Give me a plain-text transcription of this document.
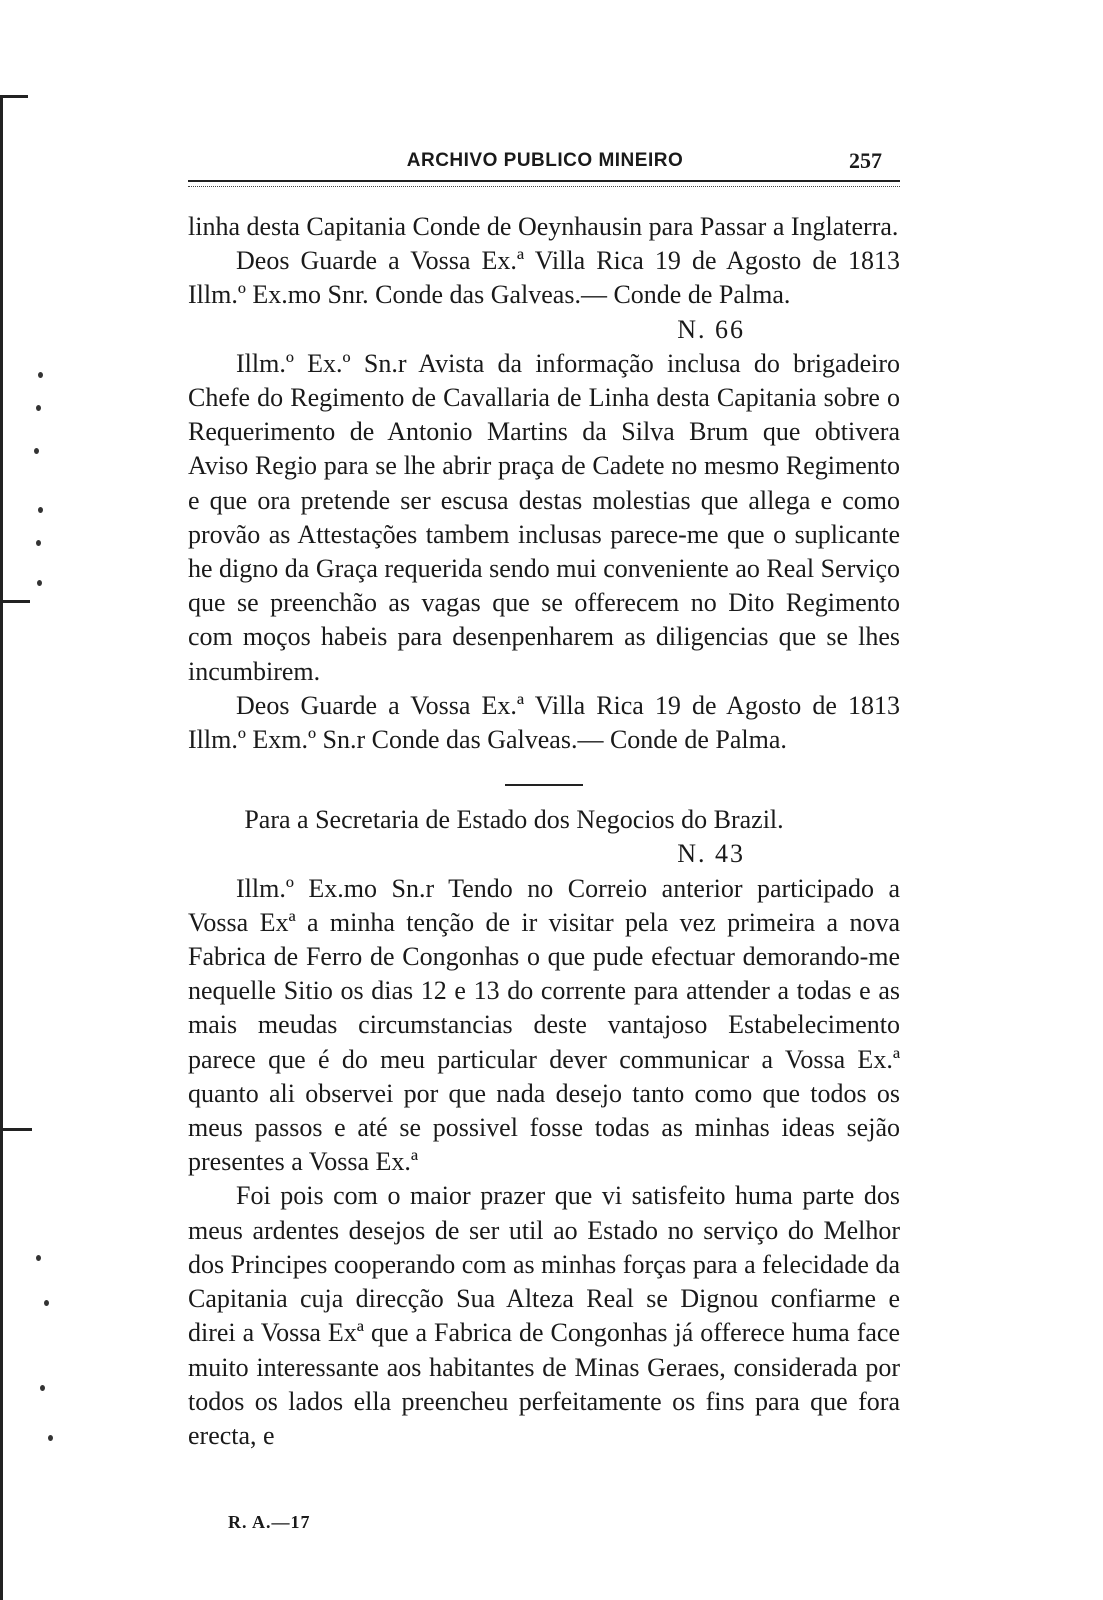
ARCHIVO PUBLICO MINEIRO	257

linha desta Capitania Conde de Oeynhausin para Passar a Inglaterra.

Deos Guarde a Vossa Ex.ª Villa Rica 19 de Agosto de 1813 Illm.º Ex.mo Snr. Conde das Galveas.— Conde de Palma.

N. 66

Illm.º Ex.º Sn.r Avista da informação inclusa do brigadeiro Chefe do Regimento de Cavallaria de Linha desta Capitania sobre o Requerimento de Antonio Martins da Silva Brum que obtivera Aviso Regio para se lhe abrir praça de Cadete no mesmo Regimento e que ora pretende ser escusa destas molestias que allega e como provão as Attestações tambem inclusas parece-me que o suplicante he digno da Graça requerida sendo mui conveniente ao Real Serviço que se preenchão as vagas que se offerecem no Dito Regimento com moços habeis para desenpenharem as diligencias que se lhes incumbirem.

Deos Guarde a Vossa Ex.ª Villa Rica 19 de Agosto de 1813 Illm.º Exm.º Sn.r Conde das Galveas.— Conde de Palma.

Para a Secretaria de Estado dos Negocios do Brazil.

N. 43

Illm.º Ex.mo Sn.r Tendo no Correio anterior participado a Vossa Exª a minha tenção de ir visitar pela vez primeira a nova Fabrica de Ferro de Congonhas o que pude efectuar demorando-me nequelle Sitio os dias 12 e 13 do corrente para attender a todas e as mais meudas circumstancias deste vantajoso Estabelecimento parece que é do meu particular dever communicar a Vossa Ex.ª quanto ali observei por que nada desejo tanto como que todos os meus passos e até se possivel fosse todas as minhas ideas sejão presentes a Vossa Ex.ª

Foi pois com o maior prazer que vi satisfeito huma parte dos meus ardentes desejos de ser util ao Estado no serviço do Melhor dos Principes cooperando com as minhas forças para a felecidade da Capitania cuja direcção Sua Alteza Real se Dignou confiarme e direi a Vossa Exª que a Fabrica de Congonhas já offerece huma face muito interessante aos habitantes de Minas Geraes, considerada por todos os lados ella preencheu perfeitamente os fins para que fora erecta, e

R. A.—17
